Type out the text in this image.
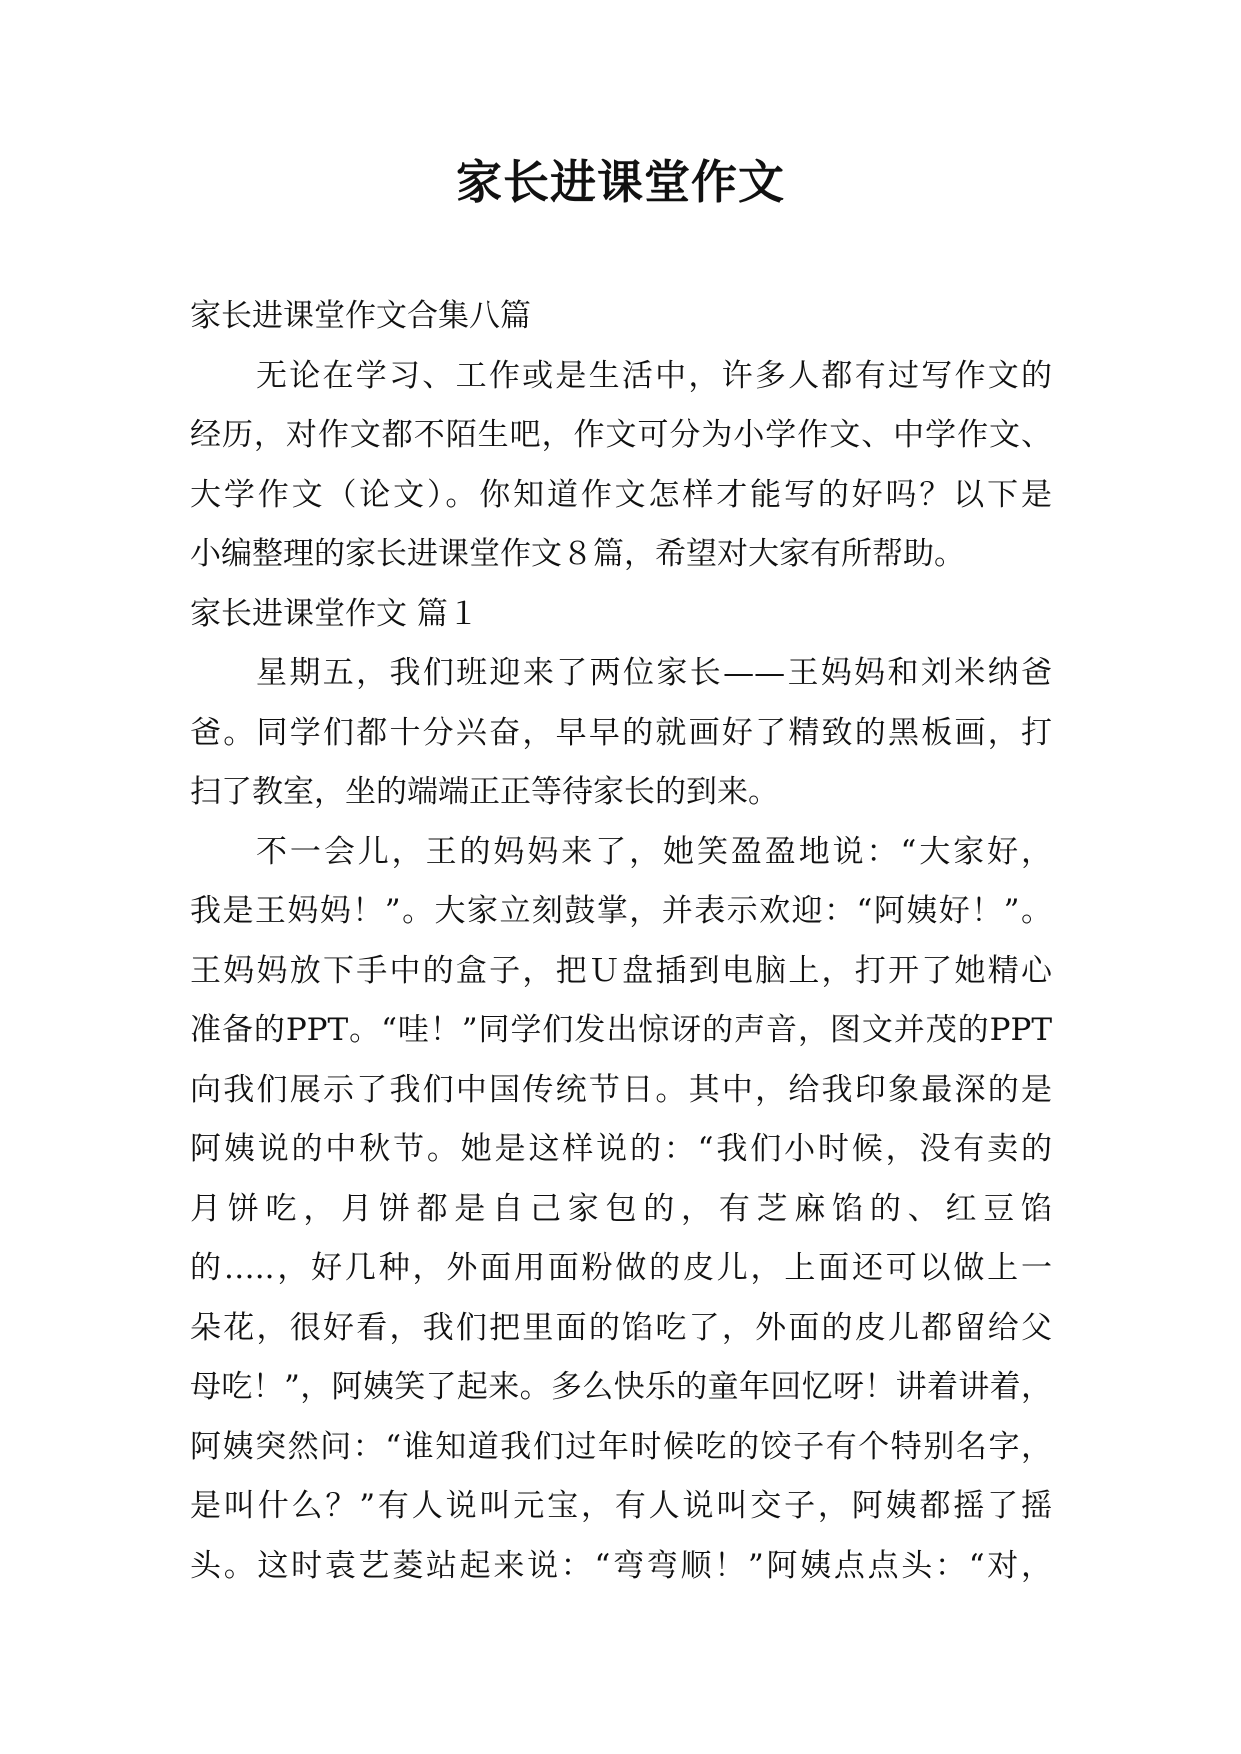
家长进课堂作文
家长进课堂作文合集八篇
无论在学习、工作或是生活中，许多人都有过写作文的
经历，对作文都不陌生吧，作文可分为小学作文、中学作文、
大学作文（论文）。你知道作文怎样才能写的好吗？以下是
小编整理的家长进课堂作文８篇，希望对大家有所帮助。
家长进课堂作文 篇１
星期五，我们班迎来了两位家长——王妈妈和刘米纳爸
爸。同学们都十分兴奋，早早的就画好了精致的黑板画，打
扫了教室，坐的端端正正等待家长的到来。
不一会儿，王的妈妈来了，她笑盈盈地说：“大家好，
我是王妈妈！”。大家立刻鼓掌，并表示欢迎：“阿姨好！”。
王妈妈放下手中的盒子，把Ｕ盘插到电脑上，打开了她精心
准备的PPT。“哇！”同学们发出惊讶的声音，图文并茂的PPT
向我们展示了我们中国传统节日。其中，给我印象最深的是
阿姨说的中秋节。她是这样说的：“我们小时候，没有卖的
月饼吃，月饼都是自己家包的，有芝麻馅的、红豆馅
的…..，好几种，外面用面粉做的皮儿，上面还可以做上一
朵花，很好看，我们把里面的馅吃了，外面的皮儿都留给父
母吃！”，阿姨笑了起来。多么快乐的童年回忆呀！讲着讲着，
阿姨突然问：“谁知道我们过年时候吃的饺子有个特别名字，
是叫什么？”有人说叫元宝，有人说叫交子，阿姨都摇了摇
头。这时袁艺菱站起来说：“弯弯顺！”阿姨点点头：“对，
